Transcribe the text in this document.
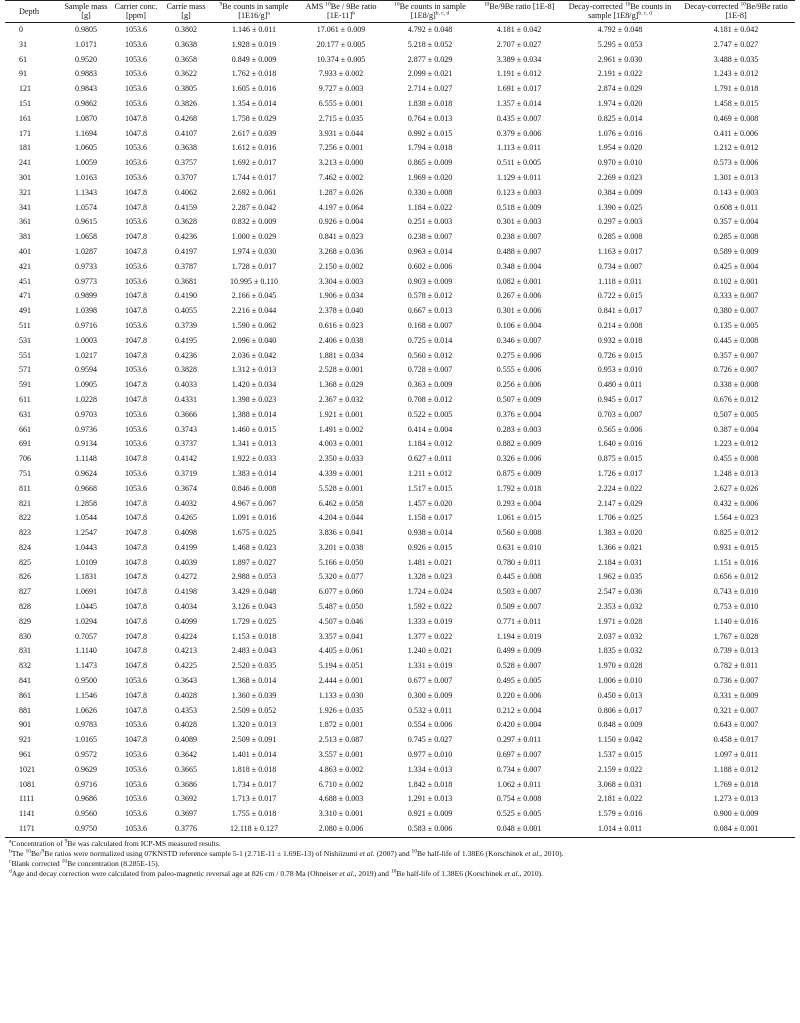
Depth	Sample mass [g]	Carrier conc. [ppm]	Carrie mass [g]	$^9$Be counts in sample $[1E16/g]^a$	AMS $^{10}$Be / 9Be ratio $[1E-11]^b$	$^{10}$Be counts in sample $[1E8/g]^{b, c, d}$	$^{10}$Be/9Be ratio [1E-8]	Decay-corrected $^{10}$Be counts in sample $[1E8/g]^{b, c, d}$	Decay-corrected $^{10}$Be/9Be ratio [1E-8]
0	0.9805	1053.6	0.3802	1.146 ± 0.011	17.061 ± 0.009	4.792 ± 0.048	4.181 ± 0.042	4.792 ± 0.048	4.181 ± 0.042
31	1.0171	1053.6	0.3638	1.928 ± 0.019	20.177 ± 0.005	5.218 ± 0.052	2.707 ± 0.027	5.295 ± 0.053	2.747 ± 0.027
61	0.9520	1053.6	0.3658	0.849 ± 0.009	10.374 ± 0.005	2.877 ± 0.029	3.389 ± 0.034	2.961 ± 0.030	3.488 ± 0.035
91	0.9883	1053.6	0.3622	1.762 ± 0.018	7.933 ± 0.002	2.099 ± 0.021	1.191 ± 0.012	2.191 ± 0.022	1.243 ± 0.012
121	0.9843	1053.6	0.3805	1.605 ± 0.016	9.727 ± 0.003	2.714 ± 0.027	1.691 ± 0.017	2.874 ± 0.029	1.791 ± 0.018
151	0.9862	1053.6	0.3826	1.354 ± 0.014	6.555 ± 0.001	1.838 ± 0.018	1.357 ± 0.014	1.974 ± 0.020	1.458 ± 0.015
161	1.0870	1047.8	0.4268	1.758 ± 0.029	2.715 ± 0.035	0.764 ± 0.013	0.435 ± 0.007	0.825 ± 0.014	0.469 ± 0.008
171	1.1694	1047.8	0.4107	2.617 ± 0.039	3.931 ± 0.044	0.992 ± 0.015	0.379 ± 0.006	1.076 ± 0.016	0.411 ± 0.006
181	1.0605	1053.6	0.3638	1.612 ± 0.016	7.256 ± 0.001	1.794 ± 0.018	1.113 ± 0.011	1.954 ± 0.020	1.212 ± 0.012
241	1.0059	1053.6	0.3757	1.692 ± 0.017	3.213 ± 0.000	0.865 ± 0.009	0.511 ± 0.005	0.970 ± 0.010	0.573 ± 0.006
301	1.0163	1053.6	0.3707	1.744 ± 0.017	7.462 ± 0.002	1.969 ± 0.020	1.129 ± 0.011	2.269 ± 0.023	1.301 ± 0.013
321	1.1343	1047.8	0.4062	2.692 ± 0.061	1.287 ± 0.026	0.330 ± 0.008	0.123 ± 0.003	0.384 ± 0.009	0.143 ± 0.003
341	1.0574	1047.8	0.4159	2.287 ± 0.042	4.197 ± 0.064	1.184 ± 0.022	0.518 ± 0.009	1.390 ± 0.025	0.608 ± 0.011
361	0.9615	1053.6	0.3628	0.832 ± 0.009	0.926 ± 0.004	0.251 ± 0.003	0.301 ± 0.003	0.297 ± 0.003	0.357 ± 0.004
381	1.0658	1047.8	0.4236	1.000 ± 0.029	0.841 ± 0.023	0.238 ± 0.007	0.238 ± 0.007	0.285 ± 0.008	0.285 ± 0.008
401	1.0287	1047.8	0.4197	1.974 ± 0.030	3.268 ± 0.036	0.963 ± 0.014	0.488 ± 0.007	1.163 ± 0.017	0.589 ± 0.009
421	0.9733	1053.6	0.3787	1.728 ± 0.017	2.150 ± 0.002	0.602 ± 0.006	0.348 ± 0.004	0.734 ± 0.007	0.425 ± 0.004
451	0.9773	1053.6	0.3681	10.995 ± 0.110	3.304 ± 0.003	0.903 ± 0.009	0.082 ± 0.001	1.118 ± 0.011	0.102 ± 0.001
471	0.9899	1047.8	0.4190	2.166 ± 0.045	1.906 ± 0.034	0.578 ± 0.012	0.267 ± 0.006	0.722 ± 0.015	0.333 ± 0.007
491	1.0398	1047.8	0.4055	2.216 ± 0.044	2.378 ± 0.040	0.667 ± 0.013	0.301 ± 0.006	0.841 ± 0.017	0.380 ± 0.007
511	0.9716	1053.6	0.3739	1.590 ± 0.062	0.616 ± 0.023	0.168 ± 0.007	0.106 ± 0.004	0.214 ± 0.008	0.135 ± 0.005
531	1.0003	1047.8	0.4195	2.096 ± 0.040	2.406 ± 0.038	0.725 ± 0.014	0.346 ± 0.007	0.932 ± 0.018	0.445 ± 0.008
551	1.0217	1047.8	0.4236	2.036 ± 0.042	1.881 ± 0.034	0.560 ± 0.012	0.275 ± 0.006	0.726 ± 0.015	0.357 ± 0.007
571	0.9594	1053.6	0.3828	1.312 ± 0.013	2.528 ± 0.001	0.728 ± 0.007	0.555 ± 0.006	0.953 ± 0.010	0.726 ± 0.007
591	1.0905	1047.8	0.4033	1.420 ± 0.034	1.368 ± 0.029	0.363 ± 0.009	0.256 ± 0.006	0.480 ± 0.011	0.338 ± 0.008
611	1.0228	1047.8	0.4331	1.398 ± 0.023	2.367 ± 0.032	0.708 ± 0.012	0.507 ± 0.009	0.945 ± 0.017	0.676 ± 0.012
631	0.9703	1053.6	0.3666	1.388 ± 0.014	1.921 ± 0.001	0.522 ± 0.005	0.376 ± 0.004	0.703 ± 0.007	0.507 ± 0.005
661	0.9736	1053.6	0.3743	1.460 ± 0.015	1.491 ± 0.002	0.414 ± 0.004	0.283 ± 0.003	0.565 ± 0.006	0.387 ± 0.004
691	0.9134	1053.6	0.3737	1.341 ± 0.013	4.003 ± 0.001	1.184 ± 0.012	0.882 ± 0.009	1.640 ± 0.016	1.223 ± 0.012
706	1.1148	1047.8	0.4142	1.922 ± 0.033	2.350 ± 0.033	0.627 ± 0.011	0.326 ± 0.006	0.875 ± 0.015	0.455 ± 0.008
751	0.9624	1053.6	0.3719	1.383 ± 0.014	4.339 ± 0.001	1.211 ± 0.012	0.875 ± 0.009	1.726 ± 0.017	1.248 ± 0.013
811	0.9668	1053.6	0.3674	0.846 ± 0.008	5.528 ± 0.001	1.517 ± 0.015	1.792 ± 0.018	2.224 ± 0.022	2.627 ± 0.026
821	1.2858	1047.8	0.4032	4.967 ± 0.067	6.462 ± 0.058	1.457 ± 0.020	0.293 ± 0.004	2.147 ± 0.029	0.432 ± 0.006
822	1.0544	1047.8	0.4265	1.091 ± 0.016	4.204 ± 0.044	1.158 ± 0.017	1.061 ± 0.015	1.706 ± 0.025	1.564 ± 0.023
823	1.2547	1047.8	0.4098	1.675 ± 0.025	3.836 ± 0.041	0.938 ± 0.014	0.560 ± 0.008	1.383 ± 0.020	0.825 ± 0.012
824	1.0443	1047.8	0.4199	1.468 ± 0.023	3.201 ± 0.038	0.926 ± 0.015	0.631 ± 0.010	1.366 ± 0.021	0.931 ± 0.015
825	1.0109	1047.8	0.4039	1.897 ± 0.027	5.166 ± 0.050	1.481 ± 0.021	0.780 ± 0.011	2.184 ± 0.031	1.151 ± 0.016
826	1.1831	1047.8	0.4272	2.988 ± 0.053	5.320 ± 0.077	1.328 ± 0.023	0.445 ± 0.008	1.962 ± 0.035	0.656 ± 0.012
827	1.0691	1047.8	0.4198	3.429 ± 0.048	6.077 ± 0.060	1.724 ± 0.024	0.503 ± 0.007	2.547 ± 0.036	0.743 ± 0.010
828	1.0445	1047.8	0.4034	3.126 ± 0.043	5.487 ± 0.050	1.592 ± 0.022	0.509 ± 0.007	2.353 ± 0.032	0.753 ± 0.010
829	1.0294	1047.8	0.4099	1.729 ± 0.025	4.507 ± 0.046	1.333 ± 0.019	0.771 ± 0.011	1.971 ± 0.028	1.140 ± 0.016
830	0.7057	1047.8	0.4224	1.153 ± 0.018	3.357 ± 0.041	1.377 ± 0.022	1.194 ± 0.019	2.037 ± 0.032	1.767 ± 0.028
831	1.1140	1047.8	0.4213	2.483 ± 0.043	4.405 ± 0.061	1.240 ± 0.021	0.499 ± 0.009	1.835 ± 0.032	0.739 ± 0.013
832	1.1473	1047.8	0.4225	2.520 ± 0.035	5.194 ± 0.051	1.331 ± 0.019	0.528 ± 0.007	1.970 ± 0.028	0.782 ± 0.011
841	0.9500	1053.6	0.3643	1.368 ± 0.014	2.444 ± 0.001	0.677 ± 0.007	0.495 ± 0.005	1.006 ± 0.010	0.736 ± 0.007
861	1.1546	1047.8	0.4028	1.360 ± 0.039	1.133 ± 0.030	0.300 ± 0.009	0.220 ± 0.006	0.450 ± 0.013	0.331 ± 0.009
881	1.0626	1047.8	0.4353	2.509 ± 0.052	1.926 ± 0.035	0.532 ± 0.011	0.212 ± 0.004	0.806 ± 0.017	0.321 ± 0.007
901	0.9783	1053.6	0.4028	1.320 ± 0.013	1.872 ± 0.001	0.554 ± 0.006	0.420 ± 0.004	0.848 ± 0.009	0.643 ± 0.007
921	1.0165	1047.8	0.4089	2.509 ± 0.091	2.513 ± 0.087	0.745 ± 0.027	0.297 ± 0.011	1.150 ± 0.042	0.458 ± 0.017
961	0.9572	1053.6	0.3642	1.401 ± 0.014	3.557 ± 0.001	0.977 ± 0.010	0.697 ± 0.007	1.537 ± 0.015	1.097 ± 0.011
1021	0.9629	1053.6	0.3665	1.818 ± 0.018	4.863 ± 0.002	1.334 ± 0.013	0.734 ± 0.007	2.159 ± 0.022	1.188 ± 0.012
1081	0.9716	1053.6	0.3686	1.734 ± 0.017	6.710 ± 0.002	1.842 ± 0.018	1.062 ± 0.011	3.068 ± 0.031	1.769 ± 0.018
1111	0.9686	1053.6	0.3692	1.713 ± 0.017	4.688 ± 0.003	1.291 ± 0.013	0.754 ± 0.008	2.181 ± 0.022	1.273 ± 0.013
1141	0.9560	1053.6	0.3697	1.755 ± 0.018	3.310 ± 0.001	0.921 ± 0.009	0.525 ± 0.005	1.579 ± 0.016	0.900 ± 0.009
1171	0.9750	1053.6	0.3776	12.118 ± 0.127	2.080 ± 0.006	0.583 ± 0.006	0.048 ± 0.001	1.014 ± 0.011	0.084 ± 0.001
$^a$Concentration of $^9$Be was calculated from ICP-MS measured results.
$^b$The $^{10}$Be/$^9$Be ratios were normalized using 07KNSTD reference sample 5-1 (2.71E-11 ± 1.69E-13) of Nishiizumi et al. (2007) and $^{10}$Be half-life of 1.38E6 (Korschinek et al., 2010).
$^c$Blank corrected $^{10}$Be concentration (8.285E-15).
$^d$Age and decay correction were calculated from paleo-magnetic reversal age at 826 cm / 0.78 Ma (Ohneiser et al., 2019) and $^{10}$Be half-life of 1.38E6 (Korschinek et al., 2010).
